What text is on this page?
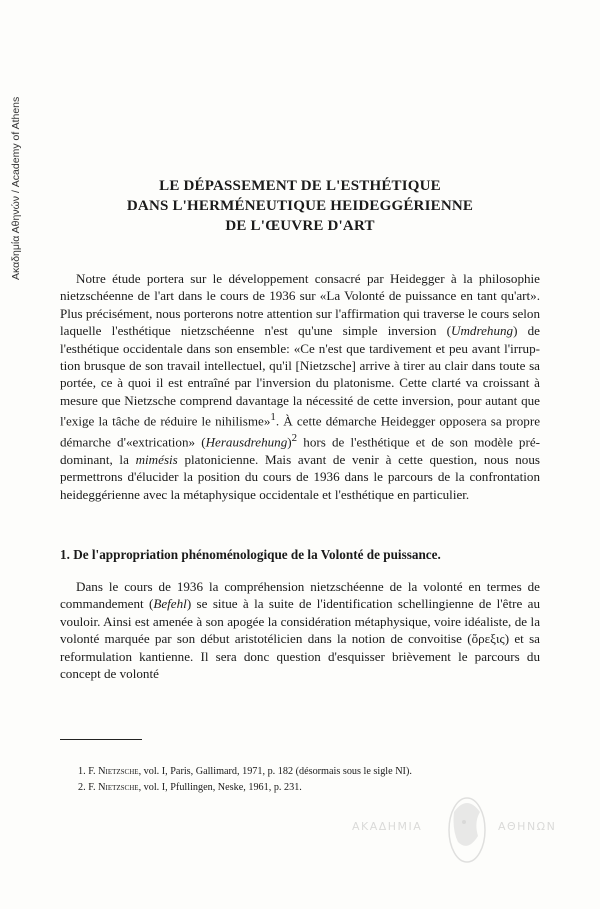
Ακαδημία Αθηνών / Academy of Athens	LE DÉPASSEMENT DE L'ESTHÉTIQUE
DANS L'HERMÉNEUTIQUE HEIDEGGÉRIENNE
DE L'ŒUVRE D'ART
Notre étude portera sur le développement consacré par Heidegger à la philosophie nietzschéenne de l'art dans le cours de 1936 sur «La Volonté de puissance en tant qu'art». Plus précisément, nous porterons notre attention sur l'affirmation qui traverse le cours selon laquelle l'esthétique nietzschéenne n'est qu'une simple inversion (Umdrehung) de l'esthétique occidentale dans son ensemble: «Ce n'est que tardivement et peu avant l'irruption brusque de son travail intellectuel, qu'il [Nietzsche] arrive à tirer au clair dans toute sa portée, ce à quoi il est entraîné par l'inversion du platonisme. Cette clarté va croissant à mesure que Nietzsche comprend davantage la nécessité de cette inversion, pour autant que l'exige la tâche de réduire le nihilisme»$^1$. À cette démarche Heidegger opposera sa propre démarche d'«extrication» (Herausdrehung)$^2$ hors de l'esthétique et de son modèle prédominant, la mimésis platonicienne. Mais avant de venir à cette question, nous nous permettrons d'élucider la position du cours de 1936 dans le parcours de la confrontation heideggérienne avec la métaphysique occidentale et l'esthétique en particulier.
1. De l'appropriation phénoménologique de la Volonté de puissance.
Dans le cours de 1936 la compréhension nietzschéenne de la volonté en termes de commandement (Befehl) se situe à la suite de l'identification schellingienne de l'être au vouloir. Ainsi est amenée à son apogée la considération métaphysique, voire idéaliste, de la volonté marquée par son début aristotélicien dans la notion de convoitise (ὄρεξις) et sa reformulation kantienne. Il sera donc question d'esquisser brièvement le parcours du concept de volonté
1. F. Nietzsche, vol. I, Paris, Gallimard, 1971, p. 182 (désormais sous le sigle NI).
2. F. Nietzsche, vol. I, Pfullingen, Neske, 1961, p. 231.
ΑΚΑΔΗΜΙΑ	ΑΘΗΝΩΝ
